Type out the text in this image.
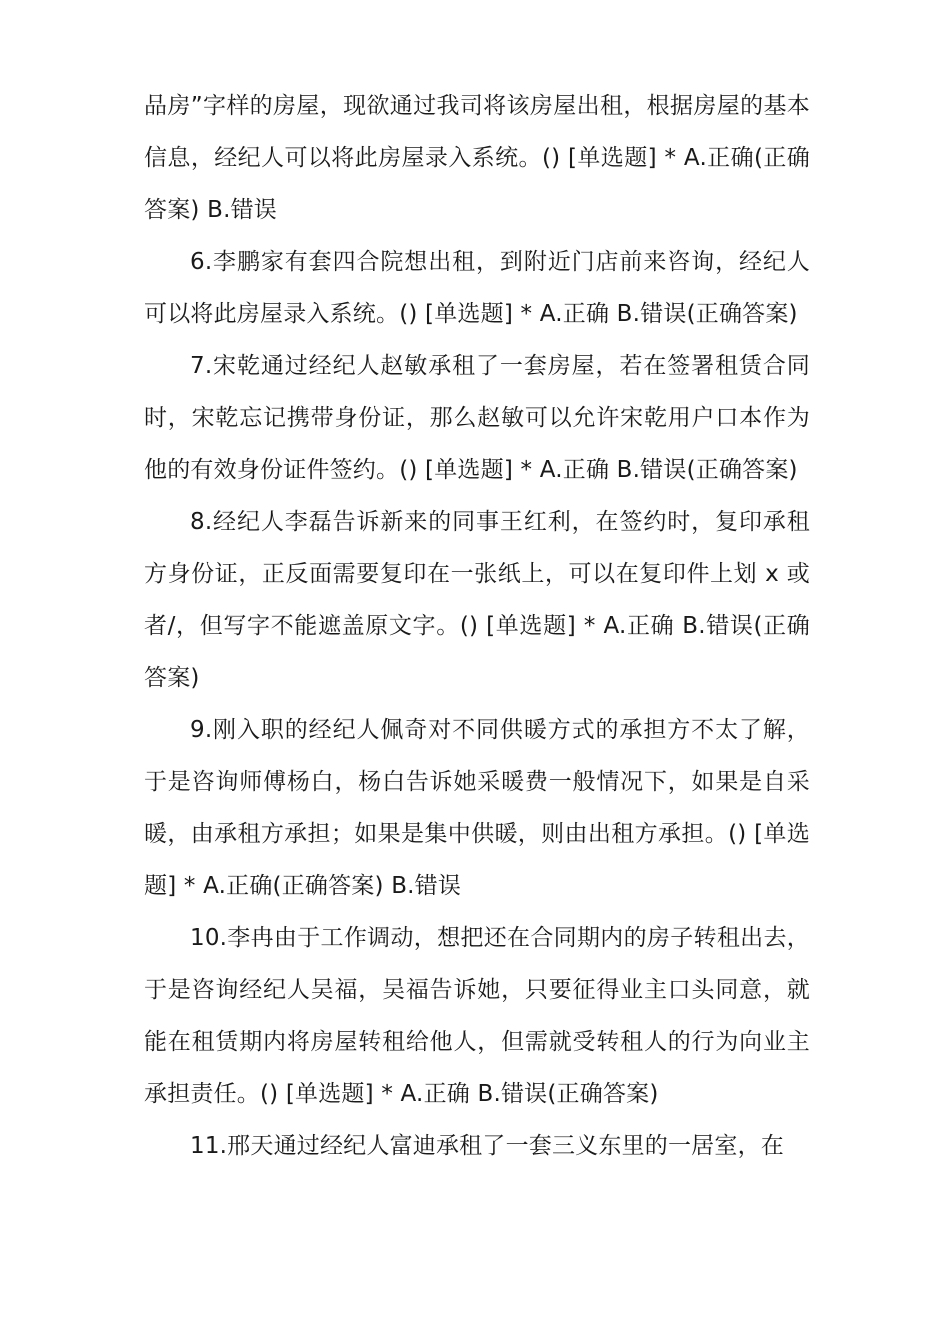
品房”字样的房屋，现欲通过我司将该房屋出租，根据房屋的基本信息，经纪人可以将此房屋录入系统。() [单选题] * A.正确(正确答案) B.错误

6.李鹏家有套四合院想出租，到附近门店前来咨询，经纪人可以将此房屋录入系统。() [单选题] * A.正确 B.错误(正确答案)

7.宋乾通过经纪人赵敏承租了一套房屋，若在签署租赁合同时，宋乾忘记携带身份证，那么赵敏可以允许宋乾用户口本作为他的有效身份证件签约。() [单选题] * A.正确 B.错误(正确答案)

8.经纪人李磊告诉新来的同事王红利，在签约时，复印承租方身份证，正反面需要复印在一张纸上，可以在复印件上划 x 或者/，但写字不能遮盖原文字。() [单选题] * A.正确 B.错误(正确答案)

9.刚入职的经纪人佩奇对不同供暖方式的承担方不太了解，于是咨询师傅杨白，杨白告诉她采暖费一般情况下，如果是自采暖，由承租方承担；如果是集中供暖，则由出租方承担。() [单选题] * A.正确(正确答案) B.错误

10.李冉由于工作调动，想把还在合同期内的房子转租出去，于是咨询经纪人吴福，吴福告诉她，只要征得业主口头同意，就能在租赁期内将房屋转租给他人，但需就受转租人的行为向业主承担责任。() [单选题] * A.正确 B.错误(正确答案)

11.邢天通过经纪人富迪承租了一套三义东里的一居室，在
